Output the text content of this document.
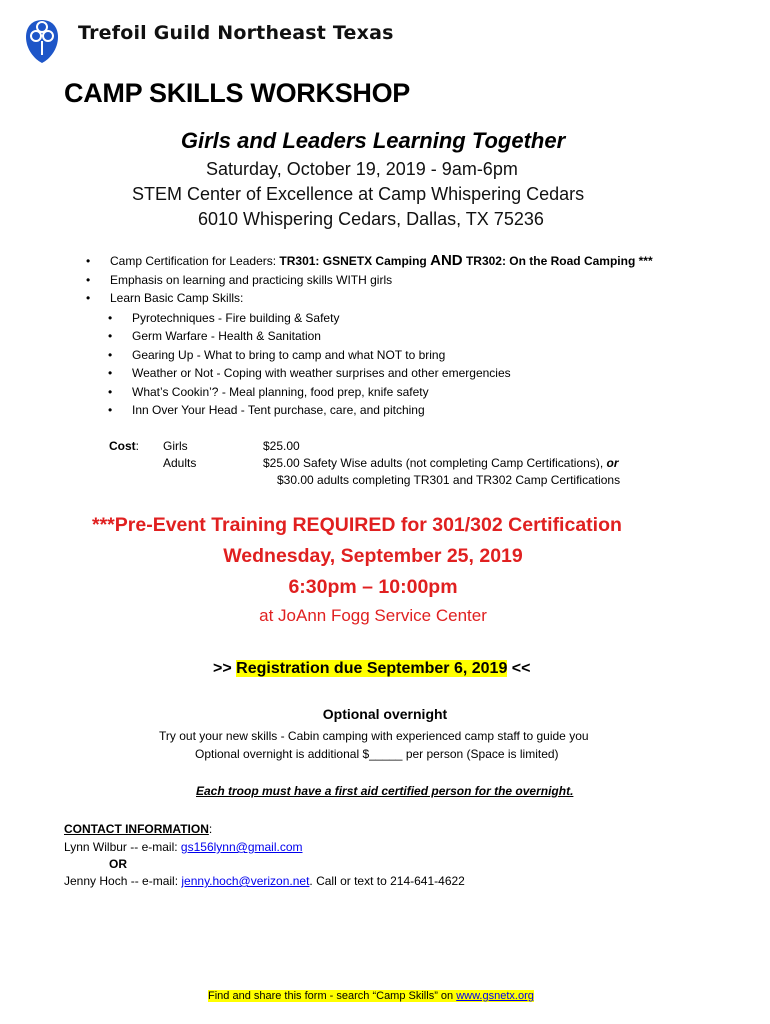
Trefoil Guild Northeast Texas
CAMP SKILLS WORKSHOP
Girls and Leaders Learning Together
Saturday, October 19, 2019 - 9am-6pm
STEM Center of Excellence at Camp Whispering Cedars
6010 Whispering Cedars, Dallas, TX 75236
• Camp Certification for Leaders: TR301: GSNETX Camping AND TR302: On the Road Camping ***
• Emphasis on learning and practicing skills WITH girls
• Learn Basic Camp Skills:
• Pyrotechniques - Fire building & Safety
• Germ Warfare - Health & Sanitation
• Gearing Up - What to bring to camp and what NOT to bring
• Weather or Not - Coping with weather surprises and other emergencies
• What’s Cookin’? - Meal planning, food prep, knife safety
• Inn Over Your Head - Tent purchase, care, and pitching
Cost: Girls	$25.00
Adults	$25.00 Safety Wise adults (not completing Camp Certifications), or
$30.00 adults completing TR301 and TR302 Camp Certifications
***Pre-Event Training REQUIRED for 301/302 Certification
Wednesday, September 25, 2019
6:30pm – 10:00pm
at JoAnn Fogg Service Center
>> Registration due September 6, 2019 <<
Optional overnight
Try out your new skills - Cabin camping with experienced camp staff to guide you
Optional overnight is additional $_____ per person (Space is limited)
Each troop must have a first aid certified person for the overnight.
CONTACT INFORMATION:
Lynn Wilbur -- e-mail: gs156lynn@gmail.com
OR
Jenny Hoch -- e-mail: jenny.hoch@verizon.net. Call or text to 214-641-4622
Find and share this form - search “Camp Skills” on www.gsnetx.org
